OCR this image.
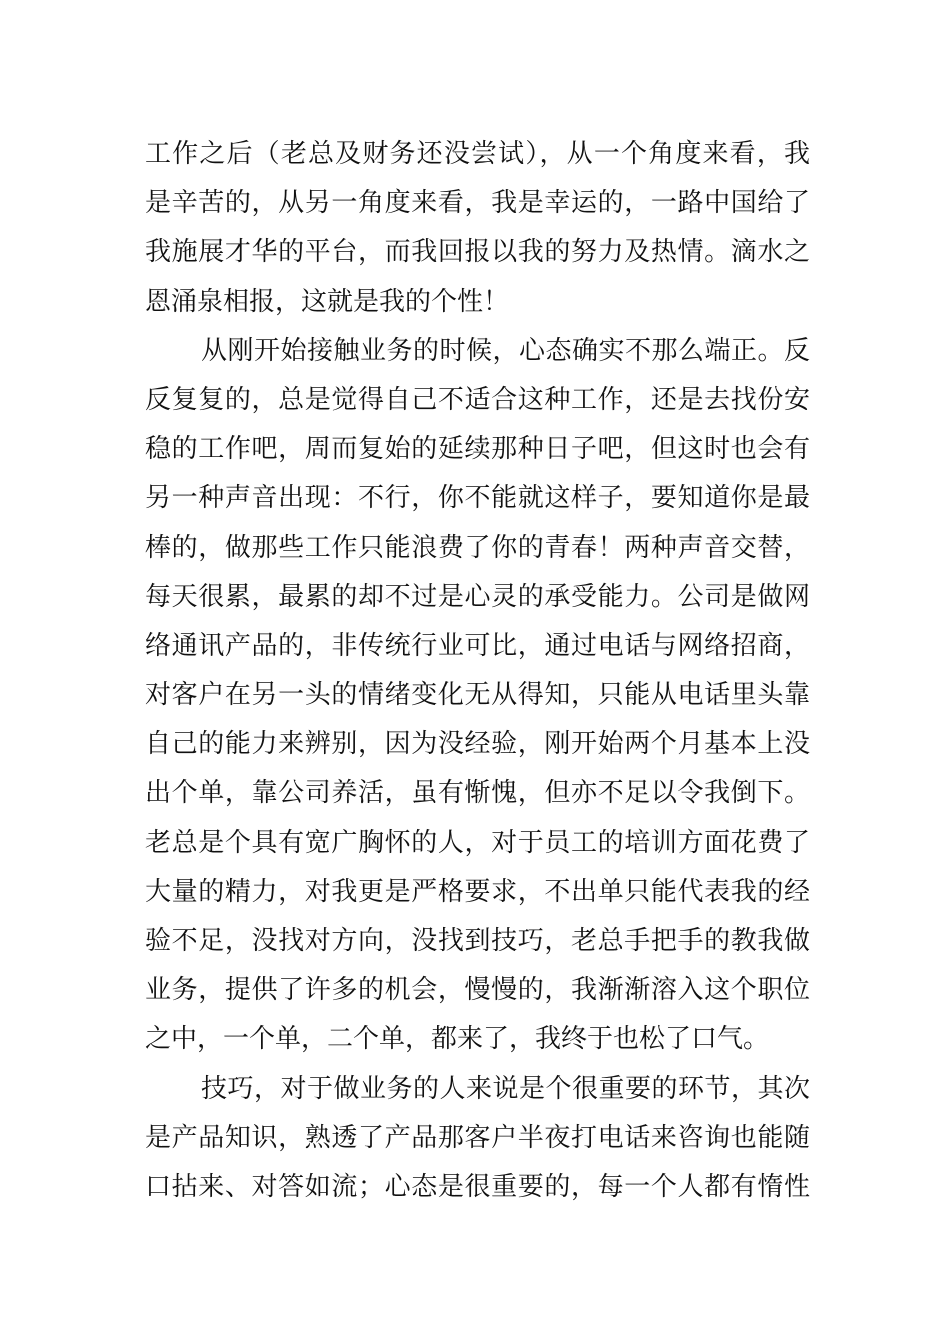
工作之后（老总及财务还没尝试），从一个角度来看，我
是辛苦的，从另一角度来看，我是幸运的，一路中国给了
我施展才华的平台，而我回报以我的努力及热情。滴水之
恩涌泉相报，这就是我的个性！
从刚开始接触业务的时候，心态确实不那么端正。反
反复复的，总是觉得自己不适合这种工作，还是去找份安
稳的工作吧，周而复始的延续那种日子吧，但这时也会有
另一种声音出现：不行，你不能就这样子，要知道你是最
棒的，做那些工作只能浪费了你的青春！两种声音交替，
每天很累，最累的却不过是心灵的承受能力。公司是做网
络通讯产品的，非传统行业可比，通过电话与网络招商，
对客户在另一头的情绪变化无从得知，只能从电话里头靠
自己的能力来辨别，因为没经验，刚开始两个月基本上没
出个单，靠公司养活，虽有惭愧，但亦不足以令我倒下。
老总是个具有宽广胸怀的人，对于员工的培训方面花费了
大量的精力，对我更是严格要求，不出单只能代表我的经
验不足，没找对方向，没找到技巧，老总手把手的教我做
业务，提供了许多的机会，慢慢的，我渐渐溶入这个职位
之中，一个单，二个单，都来了，我终于也松了口气。
技巧，对于做业务的人来说是个很重要的环节，其次
是产品知识，熟透了产品那客户半夜打电话来咨询也能随
口拈来、对答如流；心态是很重要的，每一个人都有惰性
